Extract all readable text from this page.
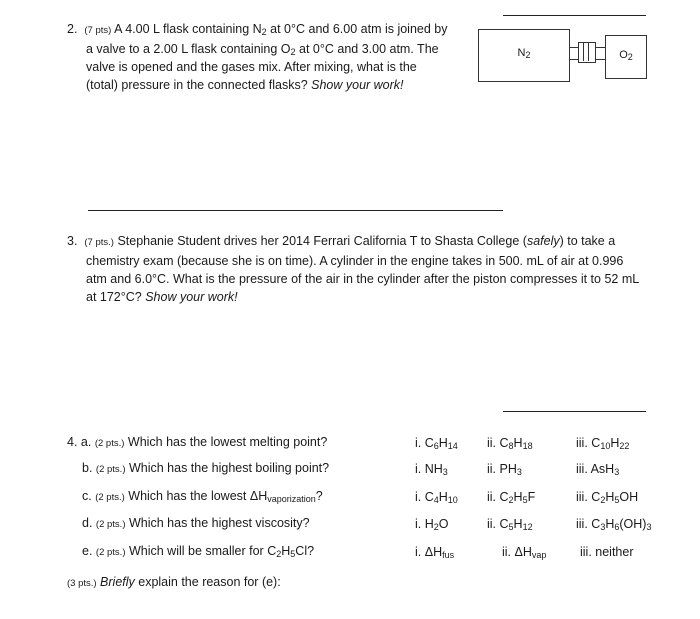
2. (7 pts) A 4.00 L flask containing $N_2$ at 0°C and 6.00 atm is joined by
a valve to a 2.00 L flask containing $O_2$ at 0°C and 3.00 atm. The
valve is opened and the gases mix. After mixing, what is the
(total) pressure in the connected flasks? Show your work!
$N_2$	$O_2$
3. (7 pts.) Stephanie Student drives her 2014 Ferrari California T to Shasta College (safely) to take a
chemistry exam (because she is on time). A cylinder in the engine takes in 500. mL of air at 0.996
atm and 6.0°C. What is the pressure of the air in the cylinder after the piston compresses it to 52 mL
at 172°C? Show your work!
4. a. (2 pts.) Which has the lowest melting point?	i. $C_6H_{14}$ ii. $C_8H_{18}$	iii. $C_{10}H_{22}$
b. (2 pts.) Which has the highest boiling point?	i. $NH_3$	ii. $PH_3$	iii. AsH$_3$
c. (2 pts.) Which has the lowest $\Delta H_{vaporization}$?	i. $C_4H_{10}$ ii. $C_2H_5F$	iii. $C_2H_5OH$
d. (2 pts.) Which has the highest viscosity?	i. $H_2O$	ii. $C_5H_{12}$	iii. $C_3H_6(OH)_3$
e. (2 pts.) Which will be smaller for $C_2H_5Cl$?	i. $\Delta H_{fus}$	ii. $\Delta H_{vap}$	iii. neither
(3 pts.) Briefly explain the reason for (e):
